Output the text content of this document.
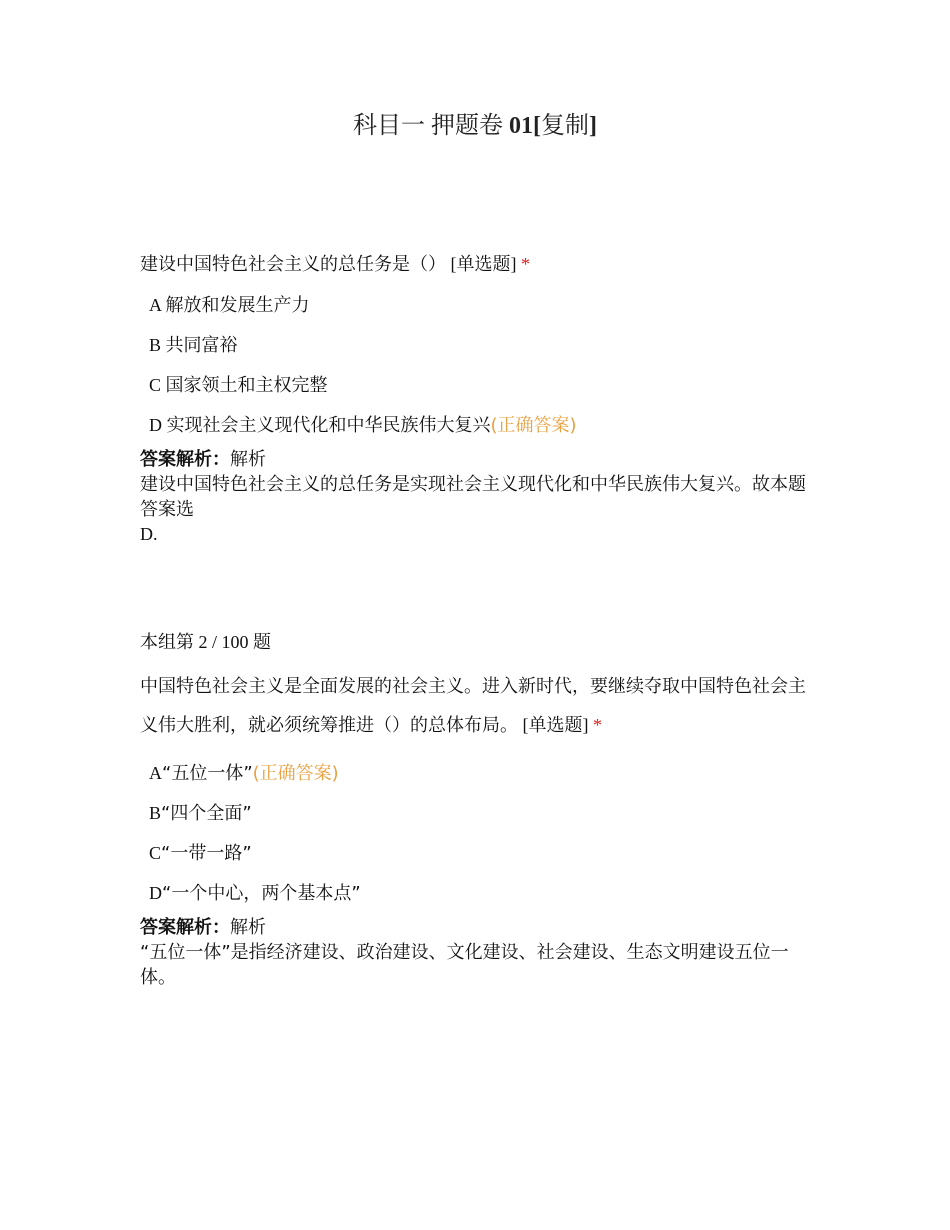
科目一 押题卷 01[复制]
建设中国特色社会主义的总任务是（） [单选题] *
A 解放和发展生产力
B 共同富裕
C 国家领土和主权完整
D 实现社会主义现代化和中华民族伟大复兴(正确答案)
答案解析：解析
建设中国特色社会主义的总任务是实现社会主义现代化和中华民族伟大复兴。故本题答案选
D.
本组第 2 / 100 题
中国特色社会主义是全面发展的社会主义。进入新时代，要继续夺取中国特色社会主义伟大胜利，就必须统筹推进（）的总体布局。 [单选题] *
A“五位一体”(正确答案)
B“四个全面”
C“一带一路”
D“一个中心，两个基本点”
答案解析：解析
“五位一体”是指经济建设、政治建设、文化建设、社会建设、生态文明建设五位一体。
